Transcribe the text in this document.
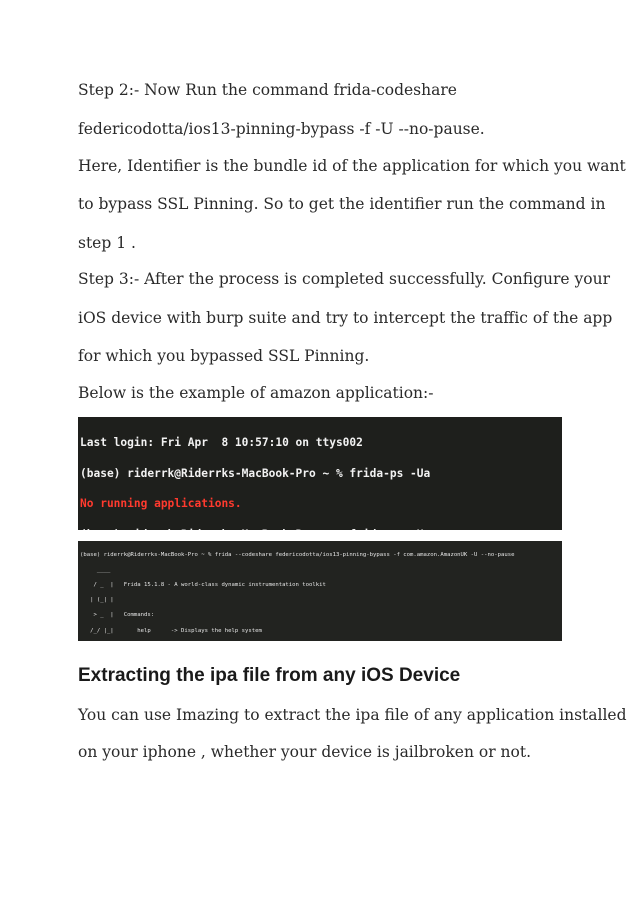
Step 2:- Now Run the command frida-codeshare
federicodotta/ios13-pinning-bypass -f -U --no-pause.
Here, Identifier is the bundle id of the application for which you want
to bypass SSL Pinning. So to get the identifier run the command in
step 1 .
Step 3:- After the process is completed successfully. Configure your
iOS device with burp suite and try to intercept the traffic of the app
for which you bypassed SSL Pinning.
Below is the example of amazon application:-

Last login: Fri Apr  8 10:57:10 on ttys002

(base) riderrk@Riderrks-MacBook-Pro ~ % frida-ps -Ua

No running applications.

(base) riderrk@Riderrks-MacBook-Pro ~ % frida --codeshare federicodotta/ios13-pinning-bypass -f com.amazon.AmazonUK -U --no-pause

____

/ _  |   Frida 15.1.8 - A world-class dynamic instrumentation toolkit

| (_| |

> _  |   Commands:

/_/ |_|       help      -> Displays the help system

Extracting the ipa file from any iOS Device
You can use Imazing to extract the ipa file of any application installed
on your iphone , whether your device is jailbroken or not.
